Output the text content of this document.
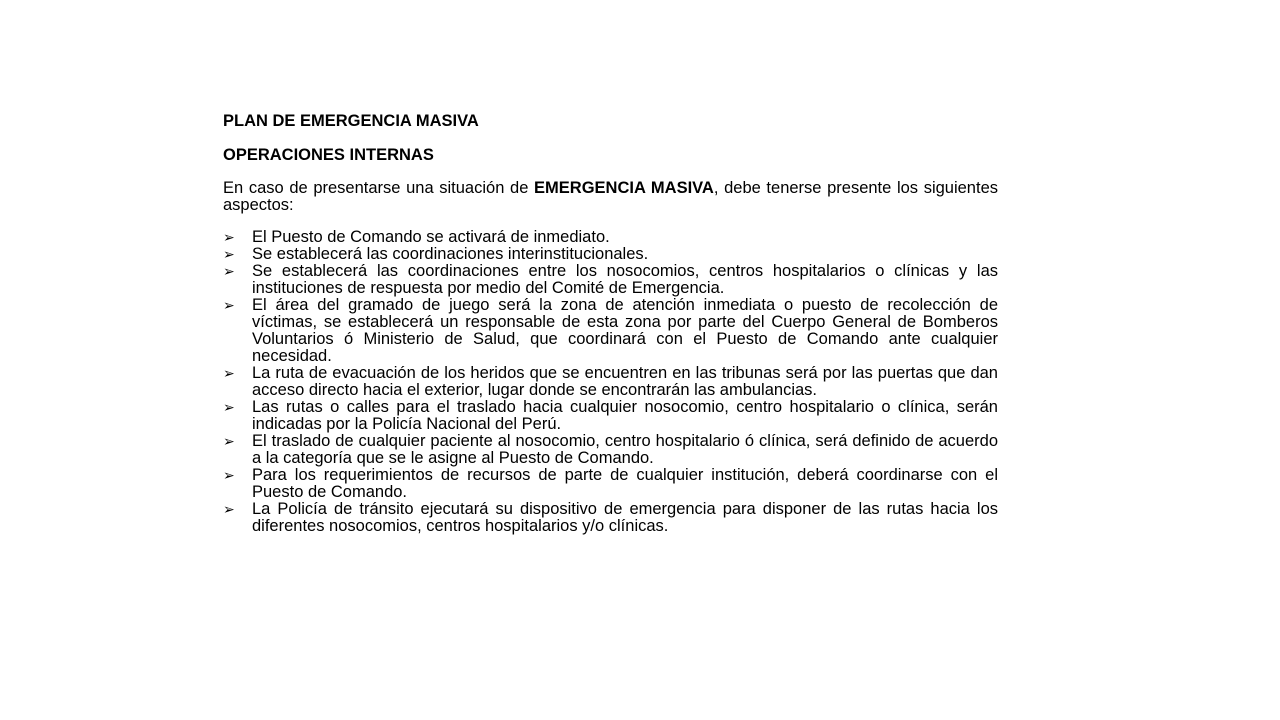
PLAN DE EMERGENCIA MASIVA

OPERACIONES INTERNAS

En caso de presentarse una situación de EMERGENCIA MASIVA, debe tenerse presente los siguientes aspectos:

➢	El Puesto de Comando se activará de inmediato.
➢	Se establecerá las coordinaciones interinstitucionales.
➢	Se establecerá las coordinaciones entre los nosocomios, centros hospitalarios o clínicas y las instituciones de respuesta por medio del Comité de Emergencia.
➢	El área del gramado de juego será la zona de atención inmediata o puesto de recolección de víctimas, se establecerá un responsable de esta zona por parte del Cuerpo General de Bomberos Voluntarios ó Ministerio de Salud, que coordinará con el Puesto de Comando ante cualquier necesidad.
➢	La ruta de evacuación de los heridos que se encuentren en las tribunas será por las puertas que dan acceso directo hacia el exterior, lugar donde se encontrarán las ambulancias.
➢	Las rutas o calles para el traslado hacia cualquier nosocomio, centro hospitalario o clínica, serán indicadas por la Policía Nacional del Perú.
➢	El traslado de cualquier paciente al nosocomio, centro hospitalario ó clínica, será definido de acuerdo a la categoría que se le asigne al Puesto de Comando.
➢	Para los requerimientos de recursos de parte de cualquier institución, deberá coordinarse con el Puesto de Comando.
➢	La Policía de tránsito ejecutará su dispositivo de emergencia para disponer de las rutas hacia los diferentes nosocomios, centros hospitalarios y/o clínicas.
